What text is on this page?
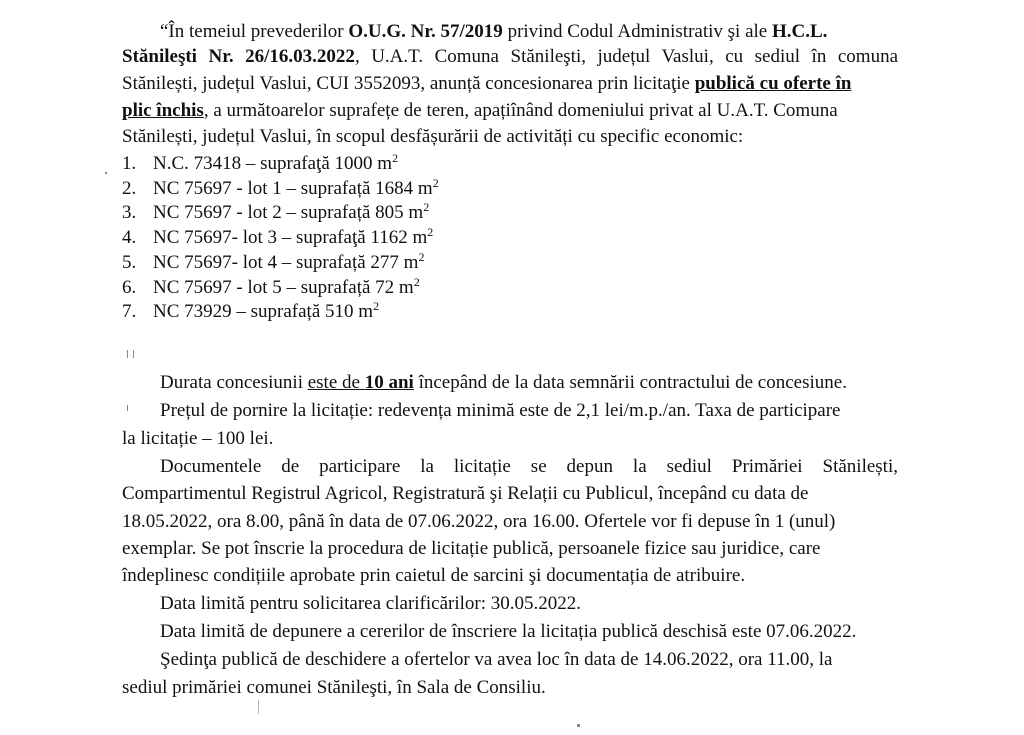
“În temeiul prevederilor O.U.G. Nr. 57/2019 privind Codul Administrativ şi ale H.C.L.
Stănileşti Nr. 26/16.03.2022, U.A.T. Comuna Stănileşti, județul Vaslui, cu sediul în comuna
Stănilești, județul Vaslui, CUI 3552093, anunță concesionarea prin licitaţie publică cu oferte în
plic închis, a următoarelor suprafețe de teren, apațiînând domeniului privat al U.A.T. Comuna
Stănilești, județul Vaslui, în scopul desfășurării de activități cu specific economic:
1. N.C. 73418 – suprafaţă 1000 $m^2$
2. NC 75697 - lot 1 – suprafață 1684 $m^2$
3. NC 75697 - lot 2 – suprafață 805 $m^2$
4. NC 75697- lot 3 – suprafaţă 1162 $m^2$
5. NC 75697- lot 4 – suprafață 277 $m^2$
6. NC 75697 - lot 5 – suprafață 72 $m^2$
7. NC 73929 – suprafață 510 $m^2$
Durata concesiunii este de 10 ani începând de la data semnării contractului de concesiune.
Prețul de pornire la licitație: redevența minimă este de 2,1 lei/m.p./an. Taxa de participare
la licitație – 100 lei.
Documentele de participare la licitație se depun la sediul Primăriei Stănilești,
Compartimentul Registrul Agricol, Registratură şi Relații cu Publicul, începând cu data de
18.05.2022, ora 8.00, până în data de 07.06.2022, ora 16.00. Ofertele vor fi depuse în 1 (unul)
exemplar. Se pot înscrie la procedura de licitație publică, persoanele fizice sau juridice, care
îndeplinesc condițiile aprobate prin caietul de sarcini şi documentația de atribuire.
Data limită pentru solicitarea clarificărilor: 30.05.2022.
Data limită de depunere a cererilor de înscriere la licitația publică deschisă este 07.06.2022.
Şedinţa publică de deschidere a ofertelor va avea loc în data de 14.06.2022, ora 11.00, la
sediul primăriei comunei Stănileşti, în Sala de Consiliu.
